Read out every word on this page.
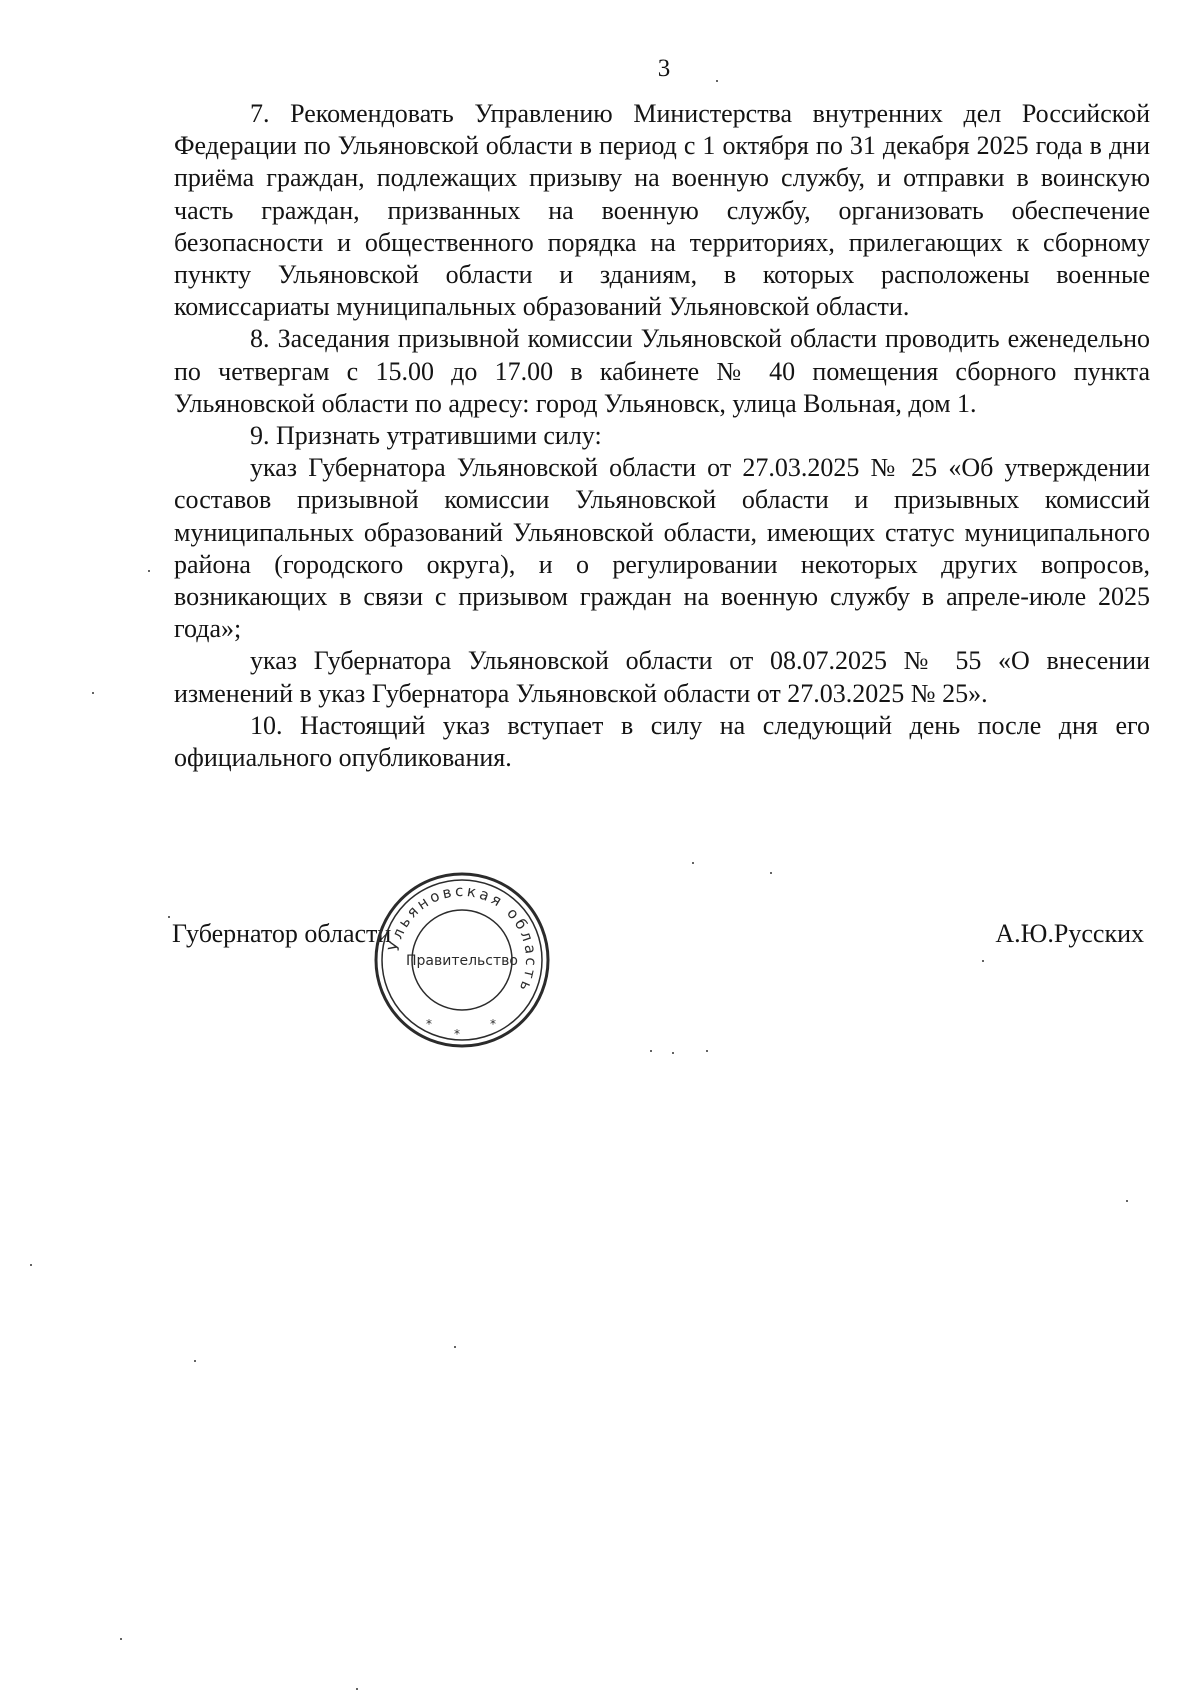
3

7. Рекомендовать Управлению Министерства внутренних дел Российской Федерации по Ульяновской области в период с 1 октября по 31 декабря 2025 года в дни приёма граждан, подлежащих призыву на военную службу, и отправки в воинскую часть граждан, призванных на военную службу, организовать обеспечение безопасности и общественного порядка на территориях, прилегающих к сборному пункту Ульяновской области и зданиям, в которых расположены военные комиссариаты муниципальных образований Ульяновской области.

8. Заседания призывной комиссии Ульяновской области проводить еженедельно по четвергам с 15.00 до 17.00 в кабинете № 40 помещения сборного пункта Ульяновской области по адресу: город Ульяновск, улица Вольная, дом 1.

9. Признать утратившими силу:

указ Губернатора Ульяновской области от 27.03.2025 № 25 «Об утверждении составов призывной комиссии Ульяновской области и призывных комиссий муниципальных образований Ульяновской области, имеющих статус муниципального района (городского округа), и о регулировании некоторых других вопросов, возникающих в связи с призывом граждан на военную службу в апреле-июле 2025 года»;

указ Губернатора Ульяновской области от 08.07.2025 № 55 «О внесении изменений в указ Губернатора Ульяновской области от 27.03.2025 № 25».

10. Настоящий указ вступает в силу на следующий день после дня его официального опубликования.

Губернатор области
Ульяновская область
Правительство
*
*
*
А.Ю.Русских
